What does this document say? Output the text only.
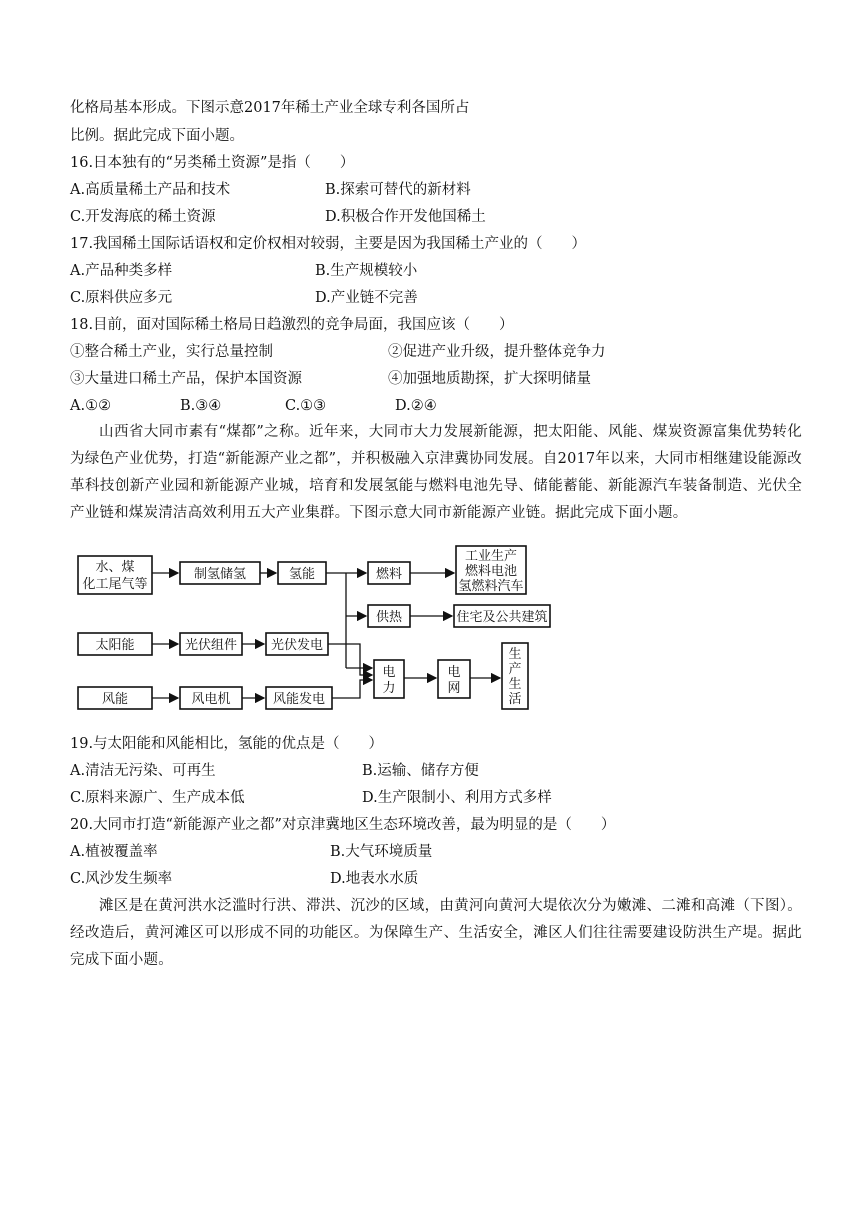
化格局基本形成。下图示意2017年稀土产业全球专利各国所占
比例。据此完成下面小题。
16.日本独有的“另类稀土资源”是指（　　）
A.高质量稀土产品和技术	B.探索可替代的新材料
C.开发海底的稀土资源	D.积极合作开发他国稀土
17.我国稀土国际话语权和定价权相对较弱，主要是因为我国稀土产业的（　　）
A.产品种类多样	B.生产规模较小
C.原料供应多元	D.产业链不完善
18.目前，面对国际稀土格局日趋激烈的竞争局面，我国应该（　　）
①整合稀土产业，实行总量控制	②促进产业升级，提升整体竞争力
③大量进口稀土产品，保护本国资源	④加强地质勘探，扩大探明储量
A.①②	B.③④	C.①③	D.②④
山西省大同市素有“煤都”之称。近年来，大同市大力发展新能源，把太阳能、风能、煤炭资源富集优势转化为绿色产业优势，打造“新能源产业之都”，并积极融入京津冀协同发展。自2017年以来，大同市相继建设能源改革科技创新产业园和新能源产业城，培育和发展氢能与燃料电池先导、储能蓄能、新能源汽车装备制造、光伏全产业链和煤炭清洁高效利用五大产业集群。下图示意大同市新能源产业链。据此完成下面小题。
水、煤
化工尾气等
制氢储氢	氢能	燃料
工业生产
燃料电池
氢燃料汽车
供热	住宅及公共建筑
太阳能	光伏组件	光伏发电
风能	风电机	风能发电
电
力
电
网
生
产
生
活
19.与太阳能和风能相比，氢能的优点是（　　）
A.清洁无污染、可再生	B.运输、储存方便
C.原料来源广、生产成本低	D.生产限制小、利用方式多样
20.大同市打造“新能源产业之都”对京津冀地区生态环境改善，最为明显的是（　　）
A.植被覆盖率	B.大气环境质量
C.风沙发生频率	D.地表水水质
滩区是在黄河洪水泛滥时行洪、滞洪、沉沙的区域，由黄河向黄河大堤依次分为嫩滩、二滩和高滩（下图）。经改造后，黄河滩区可以形成不同的功能区。为保障生产、生活安全，滩区人们往往需要建设防洪生产堤。据此完成下面小题。
